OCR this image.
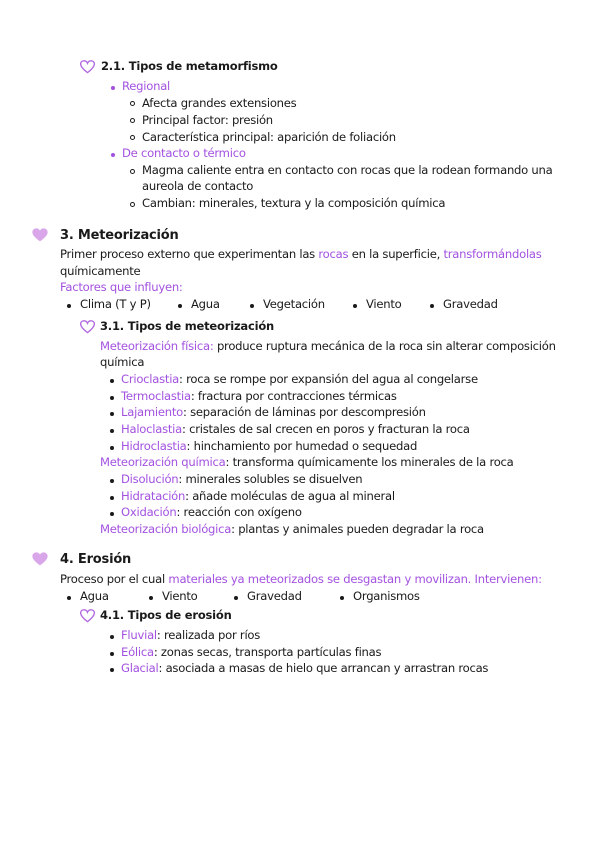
2.1. Tipos de metamorfismo
Regional
Afecta grandes extensiones
Principal factor: presión
Característica principal: aparición de foliación
De contacto o térmico
Magma caliente entra en contacto con rocas que la rodean formando una
aureola de contacto
Cambian: minerales, textura y la composición química
3. Meteorización
Primer proceso externo que experimentan las rocas en la superficie, transformándolas
químicamente
Factores que influyen:
Clima (T y P)	Agua	Vegetación	Viento	Gravedad
3.1. Tipos de meteorización
Meteorización física: produce ruptura mecánica de la roca sin alterar composición
química
Crioclastia: roca se rompe por expansión del agua al congelarse
Termoclastia: fractura por contracciones térmicas
Lajamiento: separación de láminas por descompresión
Haloclastia: cristales de sal crecen en poros y fracturan la roca
Hidroclastia: hinchamiento por humedad o sequedad
Meteorización química: transforma químicamente los minerales de la roca
Disolución: minerales solubles se disuelven
Hidratación: añade moléculas de agua al mineral
Oxidación: reacción con oxígeno
Meteorización biológica: plantas y animales pueden degradar la roca
4. Erosión
Proceso por el cual materiales ya meteorizados se desgastan y movilizan. Intervienen:
Agua	Viento	Gravedad	Organismos
4.1. Tipos de erosión
Fluvial: realizada por ríos
Eólica: zonas secas, transporta partículas finas
Glacial: asociada a masas de hielo que arrancan y arrastran rocas
